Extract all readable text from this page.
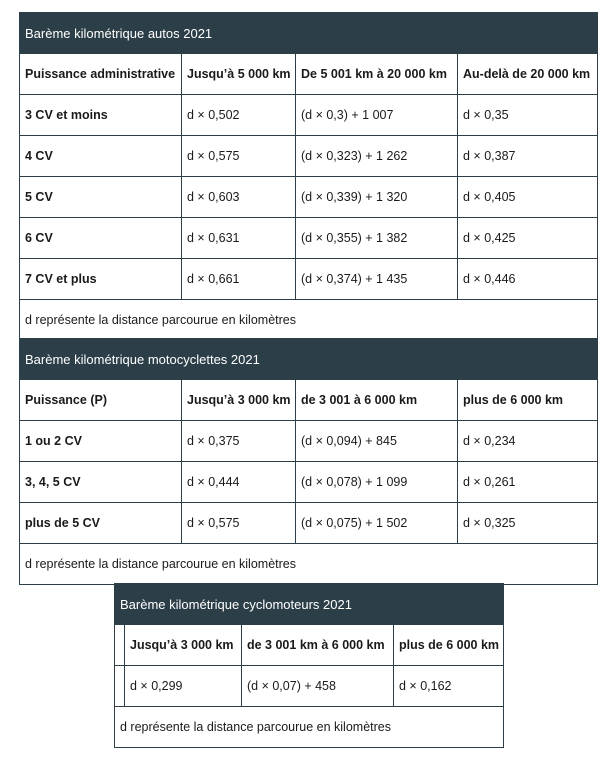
Barème kilométrique autos 2021			
Puissance administrative	Jusqu’à 5 000 km	De 5 001 km à 20 000 km	Au-delà de 20 000 km
3 CV et moins	d × 0,502	(d × 0,3) + 1 007	d × 0,35
4 CV	d × 0,575	(d × 0,323) + 1 262	d × 0,387
5 CV	d × 0,603	(d × 0,339) + 1 320	d × 0,405
6 CV	d × 0,631	(d × 0,355) + 1 382	d × 0,425
7 CV et plus	d × 0,661	(d × 0,374) + 1 435	d × 0,446
d représente la distance parcourue en kilomètres			
Barème kilométrique motocyclettes 2021			
Puissance (P)	Jusqu’à 3 000 km	de 3 001 à 6 000 km	plus de 6 000 km
1 ou 2 CV	d × 0,375	(d × 0,094) + 845	d × 0,234
3, 4, 5 CV	d × 0,444	(d × 0,078) + 1 099	d × 0,261
plus de 5 CV	d × 0,575	(d × 0,075) + 1 502	d × 0,325
d représente la distance parcourue en kilomètres			
Barème kilométrique cyclomoteurs 2021			
	Jusqu’à 3 000 km	de 3 001 km à 6 000 km	plus de 6 000 km
	d × 0,299	(d × 0,07) + 458	d × 0,162
d représente la distance parcourue en kilomètres			
